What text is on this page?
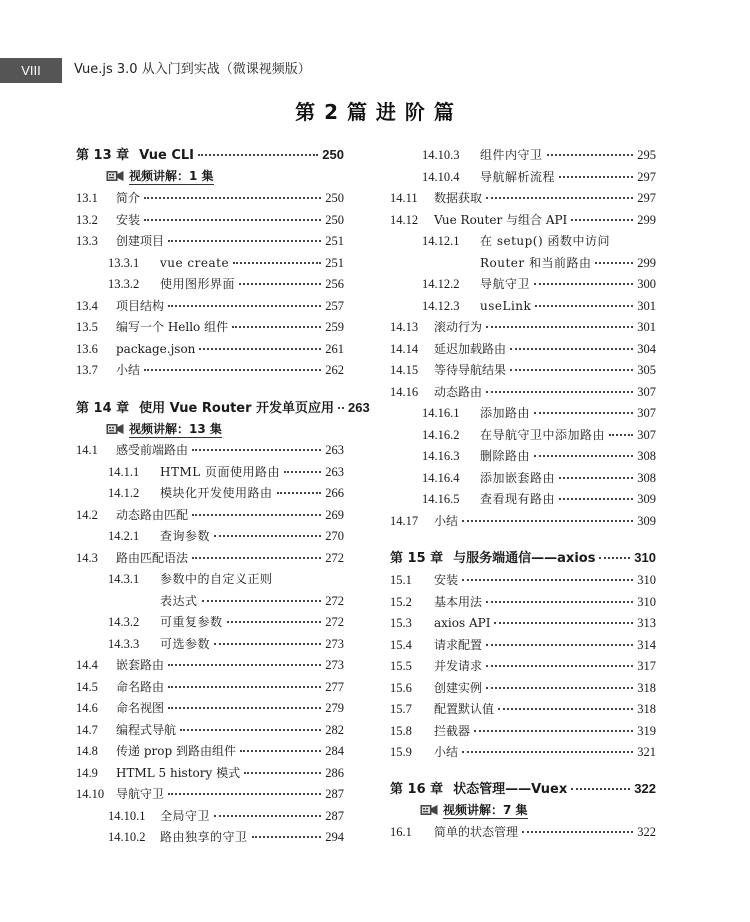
VIII	Vue.js 3.0 从入门到实战（微课视频版）
第 2 篇 进 阶 篇
第 13 章 Vue CLI	250
视频讲解：1 集
13.1	简介	250
13.2	安装	250
13.3	创建项目	251
13.3.1	vue create	251
13.3.2	使用图形界面	256
13.4	项目结构	257
13.5	编写一个 Hello 组件	259
13.6	package.json	261
13.7	小结	262
第 14 章 使用 Vue Router 开发单页应用 263
视频讲解：13 集
14.1	感受前端路由	263
14.1.1	HTML 页面使用路由	263
14.1.2	模块化开发使用路由	266
14.2	动态路由匹配	269
14.2.1	查询参数	270
14.3	路由匹配语法	272
14.3.1	参数中的自定义正则
表达式	272
14.3.2	可重复参数	272
14.3.3	可选参数	273
14.4	嵌套路由	273
14.5	命名路由	277
14.6	命名视图	279
14.7	编程式导航	282
14.8	传递 prop 到路由组件	284
14.9	HTML 5 history 模式	286
14.10 导航守卫	287
14.10.1	全局守卫	287
14.10.2	路由独享的守卫	294
14.10.3	组件内守卫	295
14.10.4	导航解析流程	297
14.11	数据获取	297
14.12	Vue Router 与组合 API	299
14.12.1	在 setup() 函数中访问
Router 和当前路由	299
14.12.2	导航守卫	300
14.12.3	useLink	301
14.13	滚动行为	301
14.14	延迟加载路由	304
14.15	等待导航结果	305
14.16	动态路由	307
14.16.1	添加路由	307
14.16.2	在导航守卫中添加路由	307
14.16.3	删除路由	308
14.16.4	添加嵌套路由	308
14.16.5	查看现有路由	309
14.17	小结	309
第 15 章 与服务端通信——axios	310
15.1	安装	310
15.2	基本用法	310
15.3	axios API	313
15.4	请求配置	314
15.5	并发请求	317
15.6	创建实例	318
15.7	配置默认值	318
15.8	拦截器	319
15.9	小结	321
第 16 章 状态管理——Vuex	322
视频讲解：7 集
16.1	简单的状态管理	322
